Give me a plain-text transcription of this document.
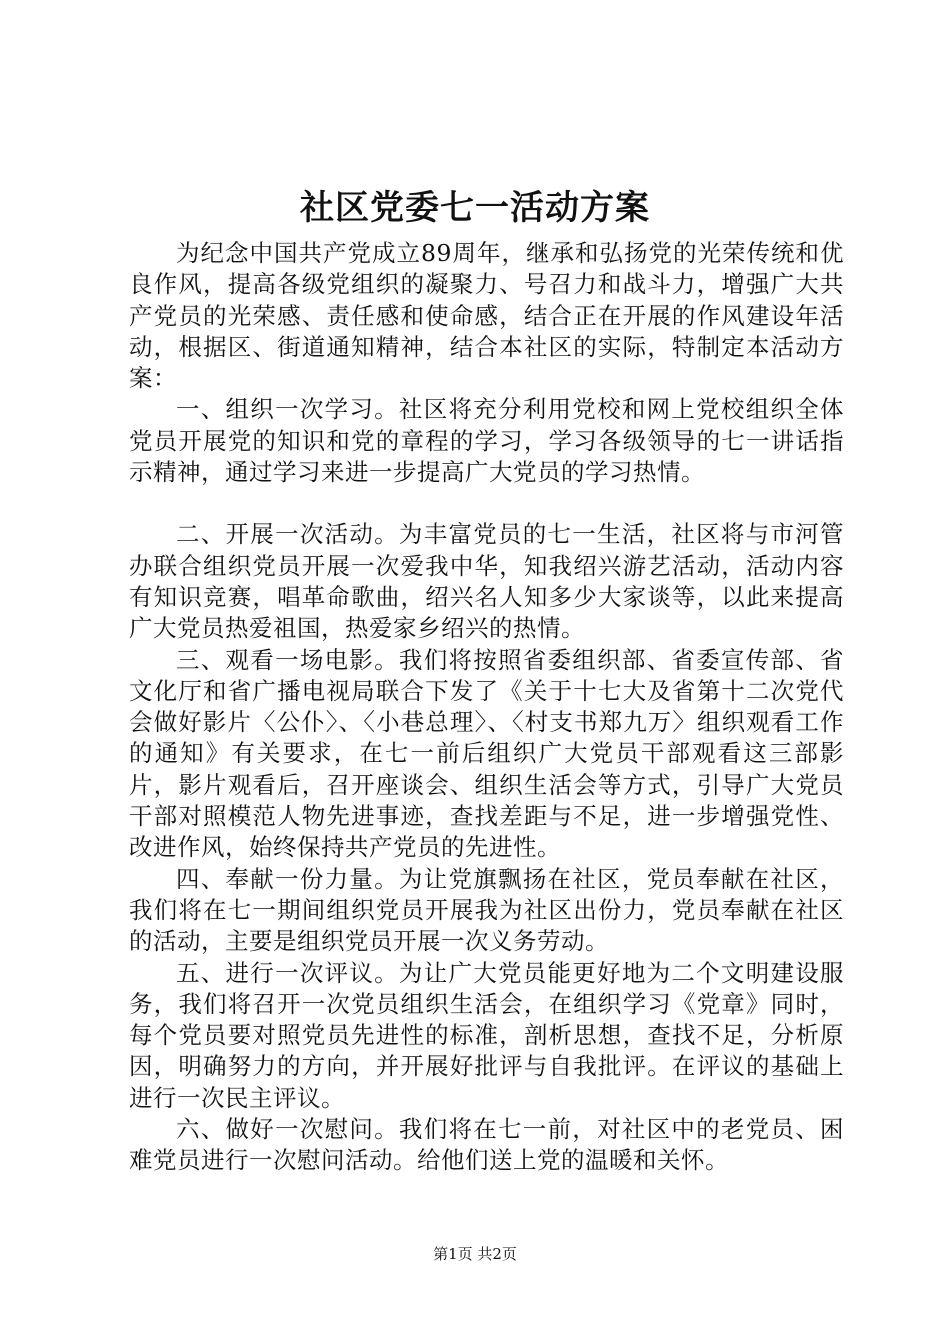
社区党委七一活动方案

为纪念中国共产党成立89周年，继承和弘扬党的光荣传统和优良作风，提高各级党组织的凝聚力、号召力和战斗力，增强广大共产党员的光荣感、责任感和使命感，结合正在开展的作风建设年活动，根据区、街道通知精神，结合本社区的实际，特制定本活动方案：

一、组织一次学习。社区将充分利用党校和网上党校组织全体党员开展党的知识和党的章程的学习，学习各级领导的七一讲话指示精神，通过学习来进一步提高广大党员的学习热情。

二、开展一次活动。为丰富党员的七一生活，社区将与市河管办联合组织党员开展一次爱我中华，知我绍兴游艺活动，活动内容有知识竞赛，唱革命歌曲，绍兴名人知多少大家谈等，以此来提高广大党员热爱祖国，热爱家乡绍兴的热情。

三、观看一场电影。我们将按照省委组织部、省委宣传部、省文化厅和省广播电视局联合下发了《关于十七大及省第十二次党代会做好影片〈公仆〉、〈小巷总理〉、〈村支书郑九万〉组织观看工作的通知》有关要求，在七一前后组织广大党员干部观看这三部影片，影片观看后，召开座谈会、组织生活会等方式，引导广大党员干部对照模范人物先进事迹，查找差距与不足，进一步增强党性、改进作风，始终保持共产党员的先进性。

四、奉献一份力量。为让党旗飘扬在社区，党员奉献在社区，我们将在七一期间组织党员开展我为社区出份力，党员奉献在社区的活动，主要是组织党员开展一次义务劳动。

五、进行一次评议。为让广大党员能更好地为二个文明建设服务，我们将召开一次党员组织生活会，在组织学习《党章》同时，每个党员要对照党员先进性的标准，剖析思想，查找不足，分析原因，明确努力的方向，并开展好批评与自我批评。在评议的基础上进行一次民主评议。

六、做好一次慰问。我们将在七一前，对社区中的老党员、困难党员进行一次慰问活动。给他们送上党的温暖和关怀。

第1页 共2页
